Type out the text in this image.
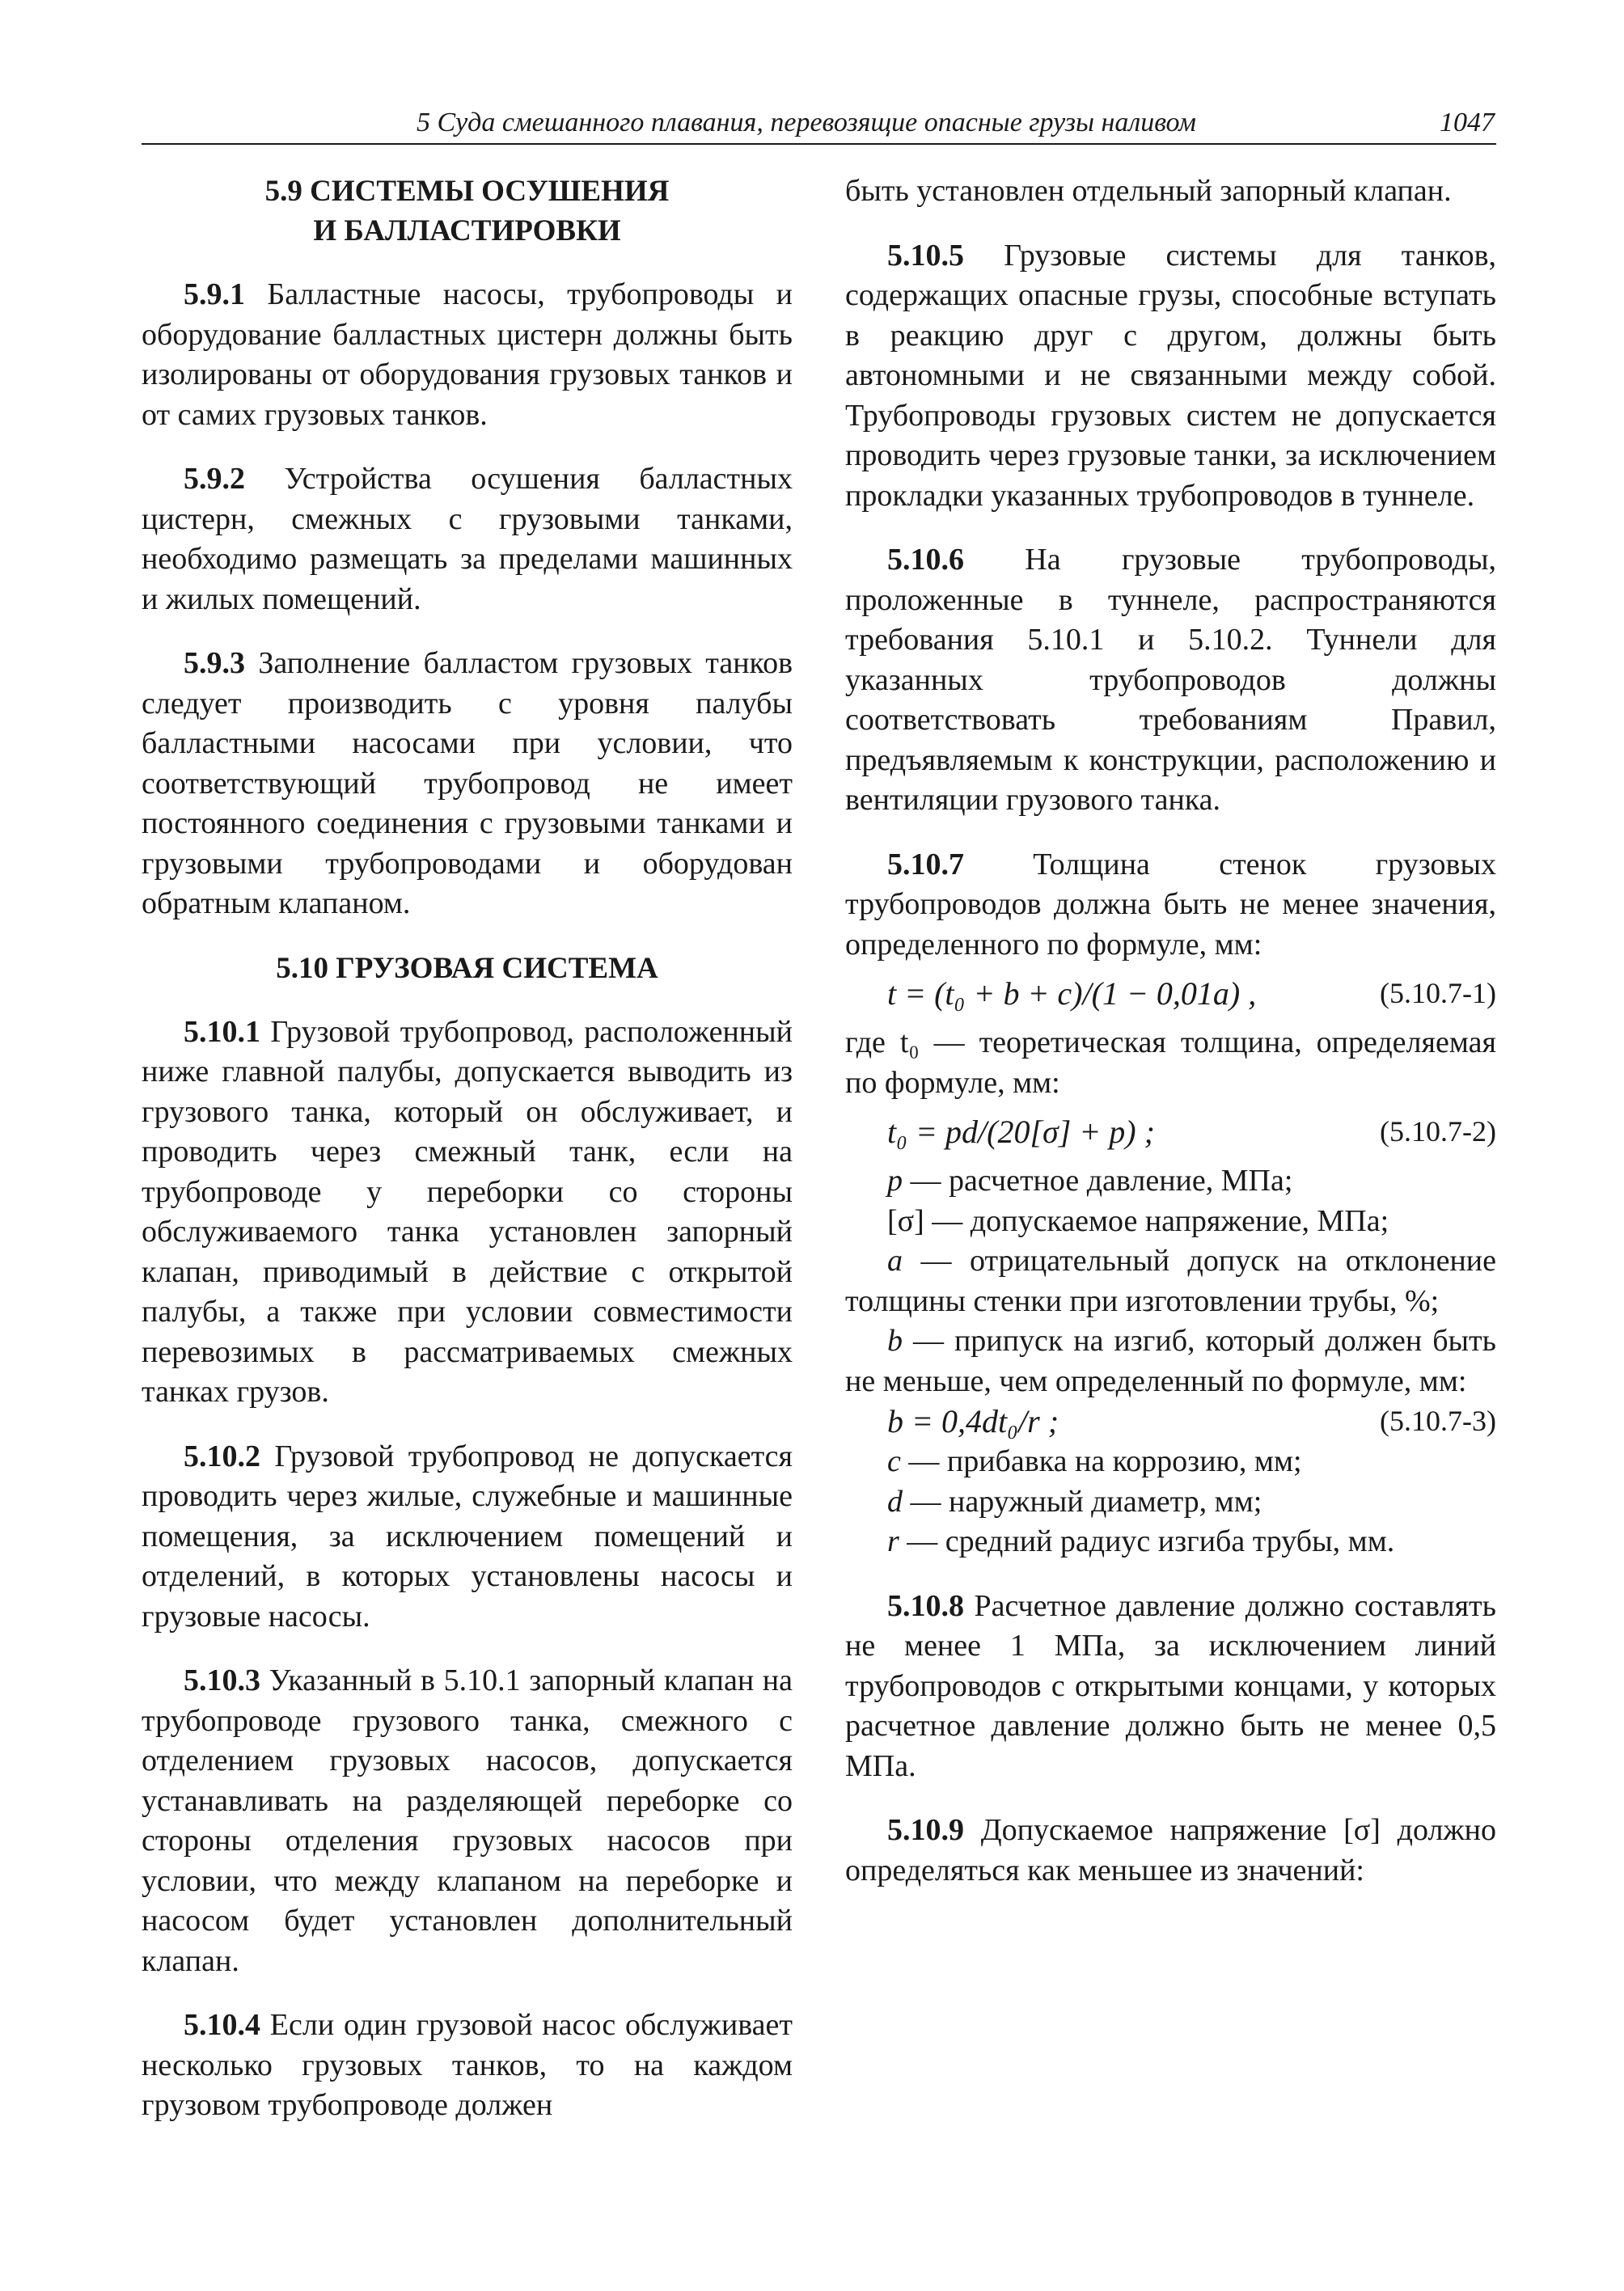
5 Суда смешанного плавания, перевозящие опасные грузы наливом	1047
5.9 СИСТЕМЫ ОСУШЕНИЯ
И БАЛЛАСТИРОВКИ

5.9.1 Балластные насосы, трубопроводы и оборудование балластных цистерн должны быть изолированы от оборудования грузовых танков и от самих грузовых танков.

5.9.2 Устройства осушения балластных цистерн, смежных с грузовыми танками, необходимо размещать за пределами машинных и жилых помещений.

5.9.3 Заполнение балластом грузовых танков следует производить с уровня палубы балластными насосами при условии, что соответствующий трубопровод не имеет постоянного соединения с грузовыми танками и грузовыми трубопроводами и оборудован обратным клапаном.

5.10 ГРУЗОВАЯ СИСТЕМА

5.10.1 Грузовой трубопровод, расположенный ниже главной палубы, допускается выводить из грузового танка, который он обслуживает, и проводить через смежный танк, если на трубопроводе у переборки со стороны обслуживаемого танка установлен запорный клапан, приводимый в действие с открытой палубы, а также при условии совместимости перевозимых в рассматриваемых смежных танках грузов.

5.10.2 Грузовой трубопровод не допускается проводить через жилые, служебные и машинные помещения, за исключением помещений и отделений, в которых установлены насосы и грузовые насосы.

5.10.3 Указанный в 5.10.1 запорный клапан на трубопроводе грузового танка, смежного с отделением грузовых насосов, допускается устанавливать на разделяющей переборке со стороны отделения грузовых насосов при условии, что между клапаном на переборке и насосом будет установлен дополнительный клапан.

5.10.4 Если один грузовой насос обслуживает несколько грузовых танков, то на каждом грузовом трубопроводе должен

быть установлен отдельный запорный клапан.

5.10.5 Грузовые системы для танков, содержащих опасные грузы, способные вступать в реакцию друг с другом, должны быть автономными и не связанными между собой. Трубопроводы грузовых систем не допускается проводить через грузовые танки, за исключением прокладки указанных трубопроводов в туннеле.

5.10.6 На грузовые трубопроводы, проложенные в туннеле, распространяются требования 5.10.1 и 5.10.2. Туннели для указанных трубопроводов должны соответствовать требованиям Правил, предъявляемым к конструкции, расположению и вентиляции грузового танка.

5.10.7 Толщина стенок грузовых трубопроводов должна быть не менее значения, определенного по формуле, мм:

t = (t₀ + b + c)/(1 − 0,01a) ,	(5.10.7-1)

где t₀ — теоретическая толщина, определяемая по формуле, мм:

t₀ = pd/(20[σ] + p) ;	(5.10.7-2)

p — расчетное давление, МПа;

[σ] — допускаемое напряжение, МПа;

a — отрицательный допуск на отклонение толщины стенки при изготовлении трубы, %;

b — припуск на изгиб, который должен быть не меньше, чем определенный по формуле, мм:

b = 0,4dt₀/r ;	(5.10.7-3)

c — прибавка на коррозию, мм;

d — наружный диаметр, мм;

r — средний радиус изгиба трубы, мм.

5.10.8 Расчетное давление должно составлять не менее 1 МПа, за исключением линий трубопроводов с открытыми концами, у которых расчетное давление должно быть не менее 0,5 МПа.

5.10.9 Допускаемое напряжение [σ] должно определяться как меньшее из значений:
